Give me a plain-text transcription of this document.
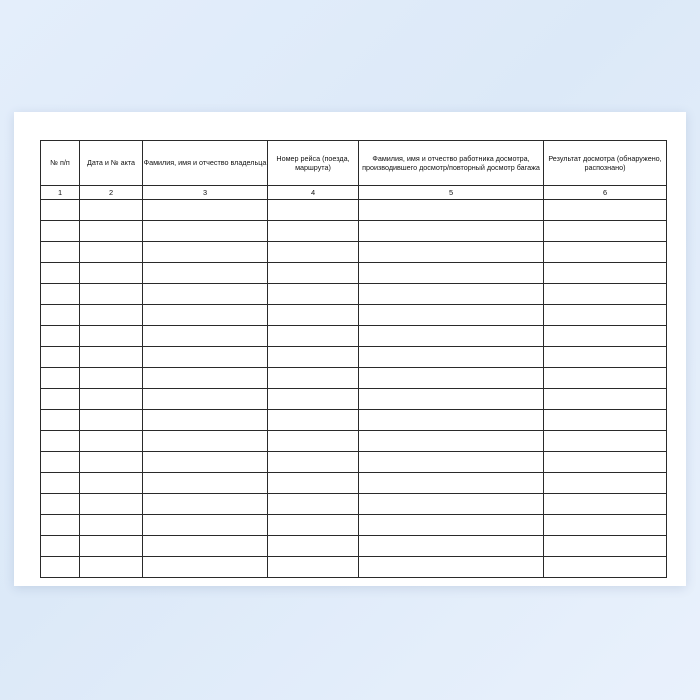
№ п/п	Дата и № акта	Фамилия, имя и отчество владельца	Номер рейса (поезда, маршрута)	Фамилия, имя и отчество работника досмотра, производившего досмотр/повторный досмотр багажа	Результат досмотра (обнаружено, распознано)
1	2	3	4	5	6
